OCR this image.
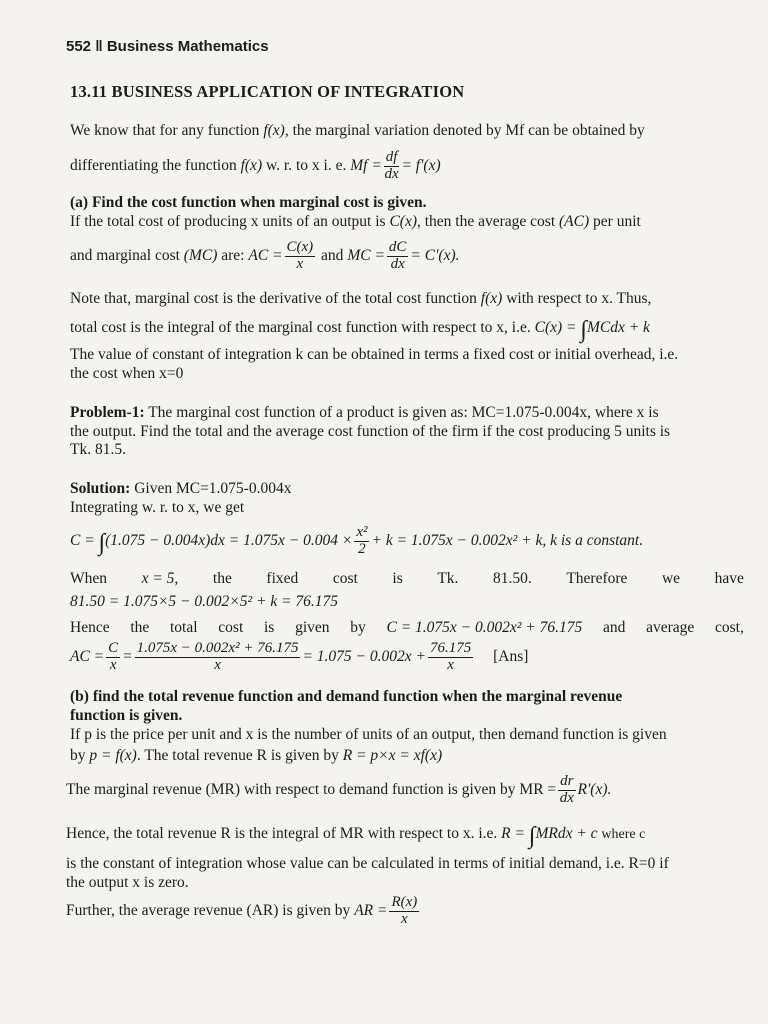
552 ‖ Business Mathematics
13.11 BUSINESS APPLICATION OF INTEGRATION
We know that for any function f(x), the marginal variation denoted by Mf can be obtained by
differentiating the function f(x) w. r. to x i. e. $Mf = \frac{df}{dx} = f'(x)$
(a) Find the cost function when marginal cost is given.
If the total cost of producing x units of an output is C(x), then the average cost (AC) per unit
and marginal cost (MC) are: AC = $\frac{C(x)}{x}$ and MC = $\frac{dC}{dx} = C'(x)$.
Note that, marginal cost is the derivative of the total cost function f(x) with respect to x. Thus,
total cost is the integral of the marginal cost function with respect to x, i.e. C(x) = ∫MCdx + k
The value of constant of integration k can be obtained in terms a fixed cost or initial overhead, i.e.
the cost when x=0
Problem-1: The marginal cost function of a product is given as: MC=1.075-0.004x, where x is
the output. Find the total and the average cost function of the firm if the cost producing 5 units is
Tk. 81.5.
Solution: Given MC=1.075-0.004x
Integrating w. r. to x, we get
$C = \int(1.075 - 0.004x)dx = 1.075x - 0.004 \times \frac{\text{x²}}{2} + k = 1.075x - 0.002x^2 + k$, k is a constant.
When x = 5, the fixed cost is Tk. 81.50. Therefore we have
81.50 = 1.075×5 − 0.002×5² + k = 76.175
Hence the total cost is given by C = 1.075x − 0.002x² + 76.175 and average cost,
AC = $\frac{C}{x} = \frac{\text{1.075x − 0.002x² + 76.175}}{x} = 1.075 - 0.002x + \frac{76.175}{x} [Ans]$
(b) find the total revenue function and demand function when the marginal revenue
function is given.
If p is the price per unit and x is the number of units of an output, then demand function is given
by p = f(x). The total revenue R is given by R = p×x = xf(x)
The marginal revenue (MR) with respect to demand function is given by MR = $\frac{dr}{dx} R'(x)$.
Hence, the total revenue R is the integral of MR with respect to x. i.e. R = ∫MRdx + c where c
is the constant of integration whose value can be calculated in terms of initial demand, i.e. R=0 if
the output x is zero.
Further, the average revenue (AR) is given by AR = $\frac{R(x)}{x}$
